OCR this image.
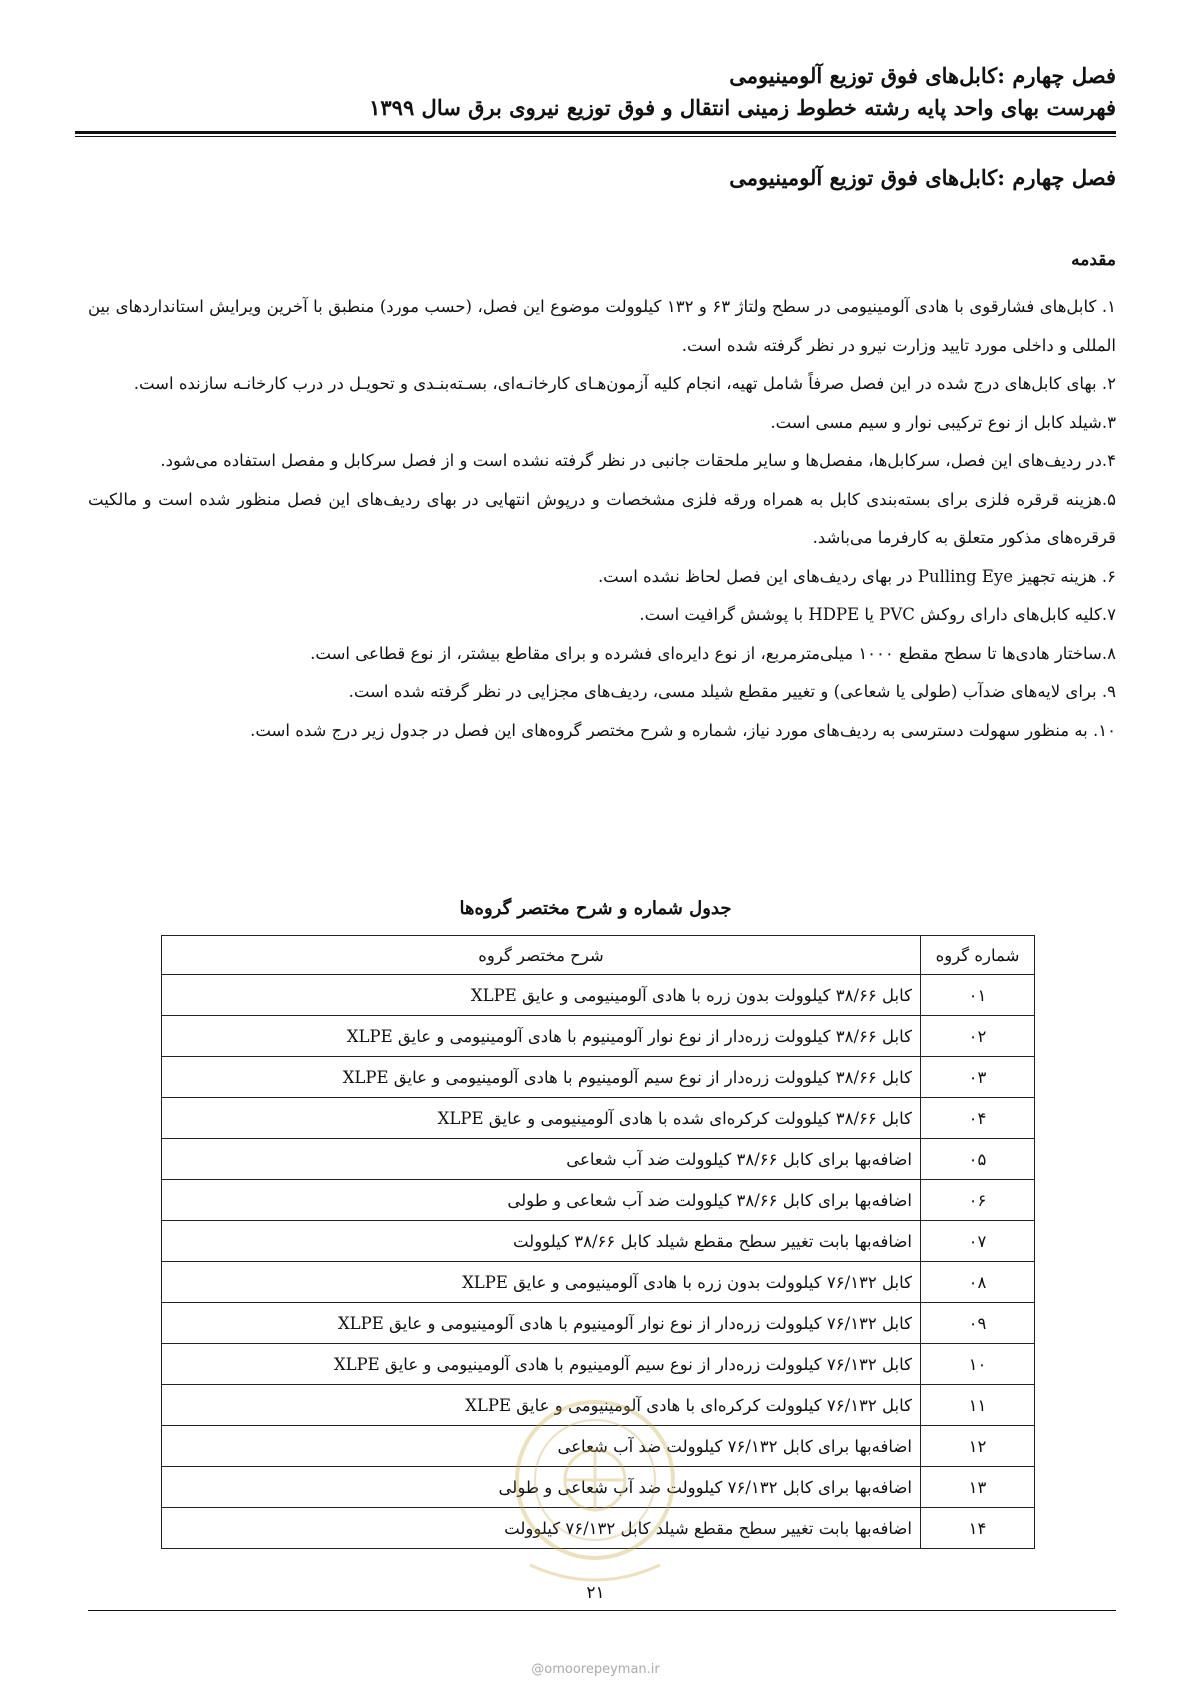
فصل چهارم :کابل‌های فوق توزیع آلومینیومی
فهرست بهای واحد پایه رشته خطوط زمینی انتقال و فوق توزیع نیروی برق سال ۱۳۹۹
فصل چهارم :کابل‌های فوق توزیع آلومینیومی
مقدمه

۱. کابل‌های فشارقوی با هادی آلومینیومی در سطح ولتاژ ۶۳ و ۱۳۲ کیلوولت موضوع این فصل، (حسب مورد) منطبق با آخرین ویرایش استانداردهای بین المللی و داخلی مورد تایید وزارت نیرو در نظر گرفته شده است.

۲. بهای کابل‌های درج شده در این فصل صرفاً شامل تهیه، انجام کلیه آزمون‌هـای کارخانـه‌ای، بسـته‌بنـدی و تحویـل در درب کارخانـه سازنده است.

۳.شیلد کابل از نوع ترکیبی نوار و سیم مسی است.

۴.در ردیف‌های این فصل، سرکابل‌ها، مفصل‌ها و سایر ملحقات جانبی در نظر گرفته نشده است و از فصل سرکابل و مفصل استفاده می‌شود.

۵.هزینه قرقره فلزی برای بسته‌بندی کابل به همراه ورقه فلزی مشخصات و درپوش انتهایی در بهای ردیف‌های این فصل منظور شده است و مالکیت قرقره‌های مذکور متعلق به کارفرما می‌باشد.

۶. هزینه تجهیز Pulling Eye در بهای ردیف‌های این فصل لحاظ نشده است.

۷.کلیه کابل‌های دارای روکش PVC یا HDPE با پوشش گرافیت است.

۸.ساختار هادی‌ها تا سطح مقطع ۱۰۰۰ میلی‌مترمربع، از نوع دایره‌ای فشرده و برای مقاطع بیشتر، از نوع قطاعی است.

۹. برای لایه‌های ضدآب (طولی یا شعاعی) و تغییر مقطع شیلد مسی، ردیف‌های مجزایی در نظر گرفته شده است.

۱۰. به منظور سهولت دسترسی به ردیف‌های مورد نیاز، شماره و شرح مختصر گروه‌های این فصل در جدول زیر درج شده است.

جدول شماره و شرح مختصر گروه‌ها
شماره گروه	شرح مختصر گروه
۰۱	کابل ۳۸/۶۶ کیلوولت بدون زره با هادی آلومینیومی و عایق XLPE
۰۲	کابل ۳۸/۶۶ کیلوولت زره‌دار از نوع نوار آلومینیوم با هادی آلومینیومی و عایق XLPE
۰۳	کابل ۳۸/۶۶ کیلوولت زره‌دار از نوع سیم آلومینیوم با هادی آلومینیومی و عایق XLPE
۰۴	کابل ۳۸/۶۶ کیلوولت کرکره‌ای شده با هادی آلومینیومی و عایق XLPE
۰۵	اضافه‌بها برای کابل ۳۸/۶۶ کیلوولت ضد آب شعاعی
۰۶	اضافه‌بها برای کابل ۳۸/۶۶ کیلوولت ضد آب شعاعی و طولی
۰۷	اضافه‌بها بابت تغییر سطح مقطع شیلد کابل ۳۸/۶۶ کیلوولت
۰۸	کابل ۷۶/۱۳۲ کیلوولت بدون زره با هادی آلومینیومی و عایق XLPE
۰۹	کابل ۷۶/۱۳۲ کیلوولت زره‌دار از نوع نوار آلومینیوم با هادی آلومینیومی و عایق XLPE
۱۰	کابل ۷۶/۱۳۲ کیلوولت زره‌دار از نوع سیم آلومینیوم با هادی آلومینیومی و عایق XLPE
۱۱	کابل ۷۶/۱۳۲ کیلوولت کرکره‌ای با هادی آلومینیومی و عایق XLPE
۱۲	اضافه‌بها برای کابل ۷۶/۱۳۲ کیلوولت ضد آب شعاعی
۱۳	اضافه‌بها برای کابل ۷۶/۱۳۲ کیلوولت ضد آب شعاعی و طولی
۱۴	اضافه‌بها بابت تغییر سطح مقطع شیلد کابل ۷۶/۱۳۲ کیلوولت
۲۱
@omoorepeyman.ir
